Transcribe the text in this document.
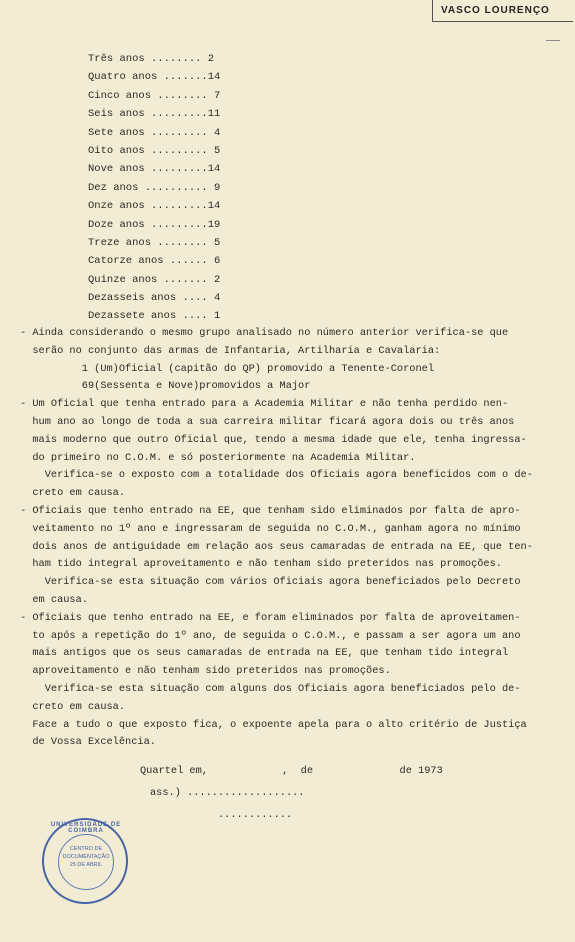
VASCO LOURENÇO
Três anos ........ 2
Quatro anos .......14
Cinco anos ........ 7
Seis anos .........11
Sete anos ......... 4
Oito anos ......... 5
Nove anos .........14
Dez anos .......... 9
Onze anos .........14
Doze anos .........19
Treze anos ........ 5
Catorze anos ...... 6
Quinze anos ....... 2
Dezasseis anos .... 4
Dezassete anos .... 1
- Ainda considerando o mesmo grupo analisado no número anterior verifica-se que
serão no conjunto das armas de Infantaria, Artilharia e Cavalaria:
1 (Um)Oficial (capitão do QP) promovido a Tenente-Coronel
69(Sessenta e Nove)promovidos a Major
- Um Oficial que tenha entrado para a Academia Militar e não tenha perdido nen-
hum ano ao longo de toda a sua carreira militar ficará agora dois ou três anos
mais moderno que outro Oficial que, tendo a mesma idade que ele, tenha ingressa-
do primeiro no C.O.M. e só posteriormente na Academia Militar.
Verifica-se o exposto com a totalidade dos Oficiais agora beneficidos com o de-
creto em causa.
- Oficiais que tenho entrado na EE, que tenham sido eliminados por falta de apro-
veitamento no 1º ano e ingressaram de seguida no C.O.M., ganham agora no mínimo
dois anos de antiguidade em relação aos seus camaradas de entrada na EE, que ten-
ham tido integral aproveitamento e não tenham sido preteridos nas promoções.
Verifica-se esta situação com vários Oficiais agora beneficiados pelo Decreto
em causa.
- Oficiais que tenho entrado na EE, e foram eliminados por falta de aproveitamen-
to após a repetição do 1º ano, de seguida o C.O.M., e passam a ser agora um ano
mais antigos que os seus camaradas de entrada na EE, que tenham tido integral
aproveitamento e não tenham sido preteridos nas promoções.
Verifica-se esta situação com alguns dos Oficiais agora beneficiados pelo de-
creto em causa.
Face a tudo o que exposto fica, o expoente apela para o alto critério de Justiça
de Vossa Excelência.
Quartel em,            ,  de              de 1973
ass.) ...................
............
UNIVERSIDADE DE COIMBRA
CENTRO DE
DOCUMENTAÇÃO
25 DE ABRIL
